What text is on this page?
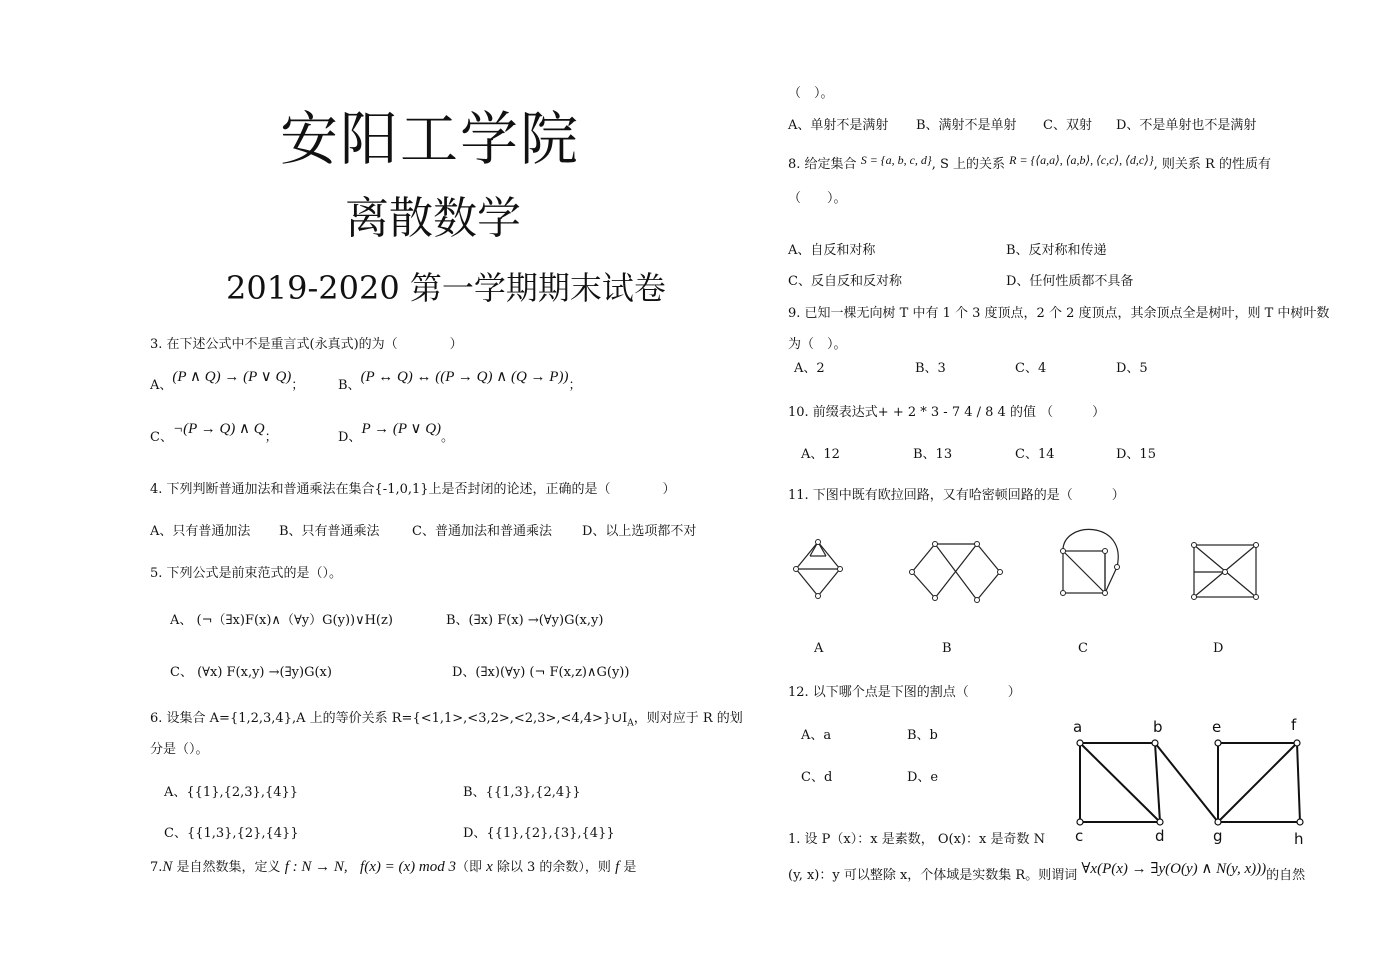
安阳工学院
离散数学
2019-2020 第一学期期末试卷
3. 在下述公式中不是重言式(永真式)的为（　　　　）
A、(P ∧ Q) → (P ∨ Q)；	B、(P ↔ Q) ↔ ((P → Q) ∧ (Q → P))；
C、¬(P → Q) ∧ Q；	D、P → (P ∨ Q)。
4. 下列判断普通加法和普通乘法在集合{-1,0,1}上是否封闭的论述，正确的是（　　　　）
A、只有普通加法 B、只有普通乘法 C、普通加法和普通乘法 D、以上选项都不对
5. 下列公式是前束范式的是（）。
A、 (¬（∃x)F(x)∧（∀y）G(y))∨H(z)	B、(∃x) F(x) →(∀y)G(x,y)
C、 (∀x) F(x,y) →(∃y)G(x)	D、(∃x)(∀y) (¬ F(x,z)∧G(y))
6. 设集合 A={1,2,3,4},A 上的等价关系 $R=\{<1,1>,<3,2>,<2,3>,<4,4>\}\cup I_A$，则对应于 R 的划
分是（）。
A、{{1},{2,3},{4}}	B、{{1,3},{2,4}}
C、{{1,3},{2},{4}}	D、{{1},{2},{3},{4}}
7.N 是自然数集，定义 f : N → N, f(x) = (x) mod 3（即 x 除以 3 的余数），则 f 是
（　）。
A、单射不是满射 B、满射不是单射 C、双射 D、不是单射也不是满射
8. 给定集合 S = {a, b, c, d}, S 上的关系 R = {⟨a,a⟩, ⟨a,b⟩, ⟨c,c⟩, ⟨d,c⟩}, 则关系 R 的性质有
（　　）。
A、自反和对称	B、反对称和传递
C、反自反和反对称	D、任何性质都不具备
9. 已知一棵无向树 T 中有 1 个 3 度顶点，2 个 2 度顶点，其余顶点全是树叶，则 T 中树叶数
为（　）。
A、2	B、3	C、4	D、5
10. 前缀表达式+ + 2 * 3 - 7 4 / 8 4 的值 （　　　）
A、12	B、13	C、14	D、15
11. 下图中既有欧拉回路，又有哈密顿回路的是（　　　）
A	B	C	D
12. 以下哪个点是下图的割点（　　　）
A、a	B、b
C、d	D、e
a	b	e	f
c	d	g	h
1. 设 P（x）：x 是素数， O(x)：x 是奇数 N
(y, x)：y 可以整除 x，个体域是实数集 R。则谓词 ∀x(P(x) → ∃y(O(y) ∧ N(y, x)))的自然
